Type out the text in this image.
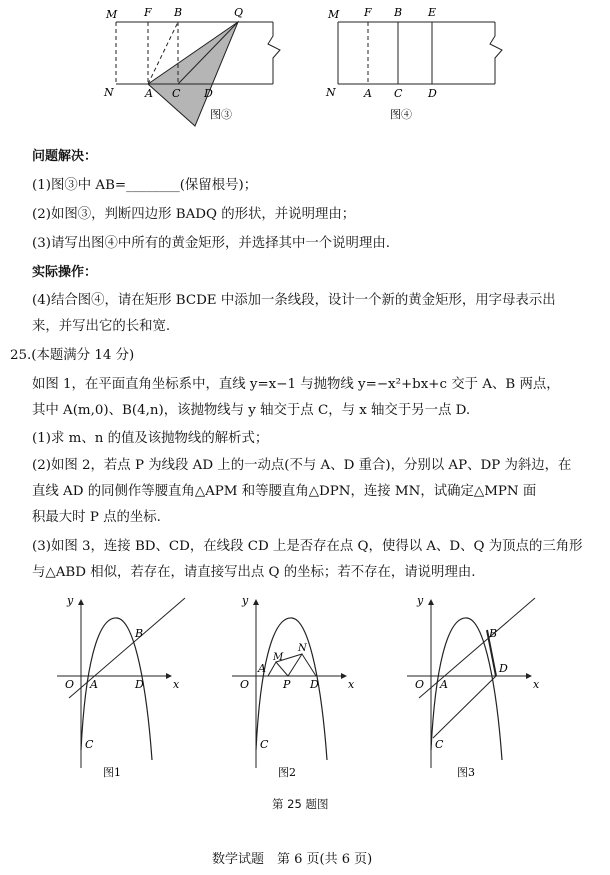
M F B	Q
N	A C D
图③
M F B E
N	A C D
图④
问题解决：
(1)图③中 AB=________(保留根号)；
(2)如图③，判断四边形 BADQ 的形状，并说明理由；
(3)请写出图④中所有的黄金矩形，并选择其中一个说明理由.
实际操作：
(4)结合图④，请在矩形 BCDE 中添加一条线段，设计一个新的黄金矩形，用字母表示出
来，并写出它的长和宽.
25.(本题满分 14 分)
如图 1，在平面直角坐标系中，直线 y=x−1 与抛物线 y=−x²+bx+c 交于 A、B 两点，
其中 A(m,0)、B(4,n)，该抛物线与 y 轴交于点 C，与 x 轴交于另一点 D.
(1)求 m、n 的值及该抛物线的解析式；
(2)如图 2，若点 P 为线段 AD 上的一动点(不与 A、D 重合)，分别以 AP、DP 为斜边，在
直线 AD 的同侧作等腰直角△APM 和等腰直角△DPN，连接 MN，试确定△MPN 面
积最大时 P 点的坐标.
(3)如图 3，连接 BD、CD，在线段 CD 上是否存在点 Q，使得以 A、D、Q 为顶点的三角形
与△ABD 相似，若存在，请直接写出点 Q 的坐标；若不存在，请说明理由.
y
x
O A
B
D
C
图1
y
x
O
A
P D
C
M
N
图2
y
x
O A
B
D
C
图3
第 25 题图
数学试题　第 6 页(共 6 页)
